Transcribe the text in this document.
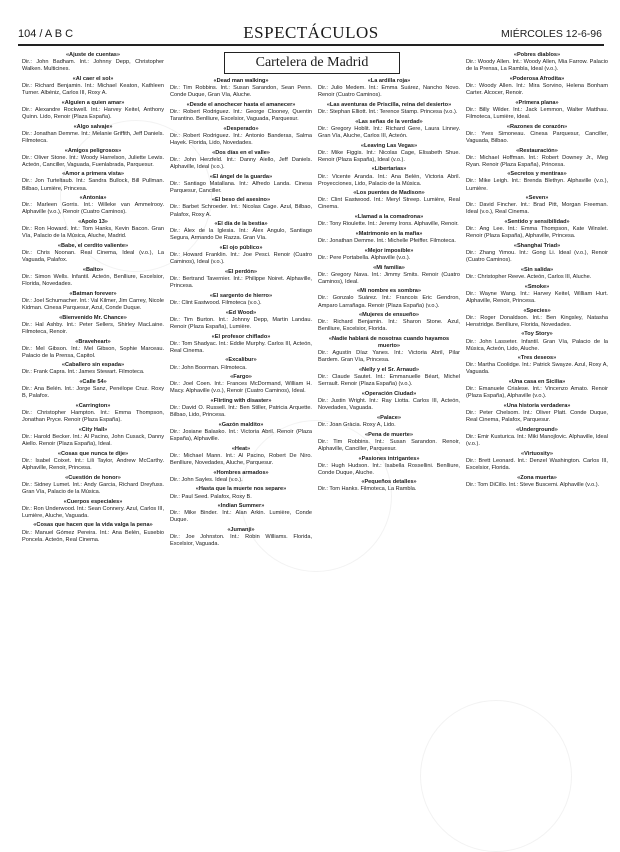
104 / A B C	ESPECTÁCULOS	MIÉRCOLES 12-6-96
Cartelera de Madrid
«Ajuste de cuentas»
Dir.: John Badham. Int.: Johnny Depp, Christopher Walken. Multicines.
«Al caer el sol»
Dir.: Richard Benjamin. Int.: Michael Keaton, Kathleen Turner. Albéniz, Carlos III, Roxy A.
«Alguien a quien amar»
Dir.: Alexandre Rockwell. Int.: Harvey Keitel, Anthony Quinn. Lido, Renoir (Plaza España).
«Algo salvaje»
Dir.: Jonathan Demme. Int.: Melanie Griffith, Jeff Daniels. Filmoteca.
«Amigos peligrosos»
Dir.: Oliver Stone. Int.: Woody Harrelson, Juliette Lewis. Acteón, Canciller, Vaguada, Fuenlabrada, Parquesur.
«Amor a primera vista»
Dir.: Jon Turteltaub. Int.: Sandra Bullock, Bill Pullman. Bilbao, Lumière, Princesa.
«Antonia»
Dir.: Marleen Gorris. Int.: Willeke van Ammelrooy. Alphaville (v.o.), Renoir (Cuatro Caminos).
«Apolo 13»
Dir.: Ron Howard. Int.: Tom Hanks, Kevin Bacon. Gran Vía, Palacio de la Música, Aluche, Madrid.
«Babe, el cerdito valiente»
Dir.: Chris Noonan. Real Cinema, Ideal (v.o.), La Vaguada, Palafox.
«Balto»
Dir.: Simon Wells. Infantil. Acteón, Benlliure, Excelsior, Florida, Novedades.
«Batman forever»
Dir.: Joel Schumacher. Int.: Val Kilmer, Jim Carrey, Nicole Kidman. Cinesa Parquesur, Azul, Conde Duque.
«Bienvenido Mr. Chance»
Dir.: Hal Ashby. Int.: Peter Sellers, Shirley MacLaine. Filmoteca, Renoir.
«Braveheart»
Dir.: Mel Gibson. Int.: Mel Gibson, Sophie Marceau. Palacio de la Prensa, Capitol.
«Caballero sin espada»
Dir.: Frank Capra. Int.: James Stewart. Filmoteca.
«Calle 54»
Dir.: Ana Belén. Int.: Jorge Sanz, Penélope Cruz. Roxy B, Palafox.
«Carrington»
Dir.: Christopher Hampton. Int.: Emma Thompson, Jonathan Pryce. Renoir (Plaza España).
«City Hall»
Dir.: Harold Becker. Int.: Al Pacino, John Cusack, Danny Aiello. Renoir (Plaza España), Ideal.
«Cosas que nunca te dije»
Dir.: Isabel Coixet. Int.: Lili Taylor, Andrew McCarthy. Alphaville, Renoir, Princesa.
«Cuestión de honor»
Dir.: Sidney Lumet. Int.: Andy Garcia, Richard Dreyfuss. Gran Vía, Palacio de la Música.
«Cuerpos especiales»
Dir.: Ron Underwood. Int.: Sean Connery. Azul, Carlos III, Lumière, Aluche, Vaguada.
«Cosas que hacen que la vida valga la pena»
Dir.: Manuel Gómez Pereira. Int.: Ana Belén, Eusebio Poncela. Acteón, Real Cinema.
«Dead man walking»
Dir.: Tim Robbins. Int.: Susan Sarandon, Sean Penn. Conde Duque, Gran Vía, Aluche.
«Desde el anochecer hasta el amanecer»
Dir.: Robert Rodriguez. Int.: George Clooney, Quentin Tarantino. Benlliure, Excelsior, Vaguada, Parquesur.
«Desperado»
Dir.: Robert Rodriguez. Int.: Antonio Banderas, Salma Hayek. Florida, Lido, Novedades.
«Dos días en el valle»
Dir.: John Herzfeld. Int.: Danny Aiello, Jeff Daniels. Alphaville, Ideal (v.o.).
«El ángel de la guarda»
Dir.: Santiago Matallana. Int.: Alfredo Landa. Cinesa Parquesur, Canciller.
«El beso del asesino»
Dir.: Barbet Schroeder. Int.: Nicolas Cage. Azul, Bilbao, Palafox, Roxy A.
«El día de la bestia»
Dir.: Álex de la Iglesia. Int.: Álex Angulo, Santiago Segura, Armando De Razza. Gran Vía.
«El ojo público»
Dir.: Howard Franklin. Int.: Joe Pesci. Renoir (Cuatro Caminos), Ideal (v.o.).
«El perdón»
Dir.: Bertrand Tavernier. Int.: Philippe Noiret. Alphaville, Princesa.
«El sargento de hierro»
Dir.: Clint Eastwood. Filmoteca (v.o.).
«Ed Wood»
Dir.: Tim Burton. Int.: Johnny Depp, Martin Landau. Renoir (Plaza España), Lumière.
«El profesor chiflado»
Dir.: Tom Shadyac. Int.: Eddie Murphy. Carlos III, Acteón, Real Cinema.
«Excalibur»
Dir.: John Boorman. Filmoteca.
«Fargo»
Dir.: Joel Coen. Int.: Frances McDormand, William H. Macy. Alphaville (v.o.), Renoir (Cuatro Caminos), Ideal.
«Flirting with disaster»
Dir.: David O. Russell. Int.: Ben Stiller, Patricia Arquette. Bilbao, Lido, Princesa.
«Gazón maldito»
Dir.: Josiane Balasko. Int.: Victoria Abril. Renoir (Plaza España), Alphaville.
«Heat»
Dir.: Michael Mann. Int.: Al Pacino, Robert De Niro. Benlliure, Novedades, Aluche, Parquesur.
«Hombres armados»
Dir.: John Sayles. Ideal (v.o.).
«Hasta que la muerte nos separe»
Dir.: Paul Seed. Palafox, Roxy B.
«Indian Summer»
Dir.: Mike Binder. Int.: Alan Arkin. Lumière, Conde Duque.
«Jumanji»
Dir.: Joe Johnston. Int.: Robin Williams. Florida, Excelsior, Vaguada.
«La ardilla roja»
Dir.: Julio Medem. Int.: Emma Suárez, Nancho Novo. Renoir (Cuatro Caminos).
«Las aventuras de Priscilla, reina del desierto»
Dir.: Stephan Elliott. Int.: Terence Stamp. Princesa (v.o.).
«Las señas de la verdad»
Dir.: Gregory Hoblit. Int.: Richard Gere, Laura Linney. Gran Vía, Aluche, Carlos III, Acteón.
«Leaving Las Vegas»
Dir.: Mike Figgis. Int.: Nicolas Cage, Elisabeth Shue. Renoir (Plaza España), Ideal (v.o.).
«Libertarias»
Dir.: Vicente Aranda. Int.: Ana Belén, Victoria Abril. Proyecciones, Lido, Palacio de la Música.
«Los puentes de Madison»
Dir.: Clint Eastwood. Int.: Meryl Streep. Lumière, Real Cinema.
«Llamad a la comadrona»
Dir.: Tony Rioulette. Int.: Jeremy Irons. Alphaville, Renoir.
«Matrimonio en la mafia»
Dir.: Jonathan Demme. Int.: Michelle Pfeiffer. Filmoteca.
«Mejor imposible»
Dir.: Pere Portabella. Alphaville (v.o.).
«Mi familia»
Dir.: Gregory Nava. Int.: Jimmy Smits. Renoir (Cuatro Caminos), Ideal.
«Mi nombre es sombra»
Dir.: Gonzalo Suárez. Int.: Francois Eric Gendron, Amparo Larrañaga. Renoir (Plaza España) (v.o.).
«Mujeres de ensueño»
Dir.: Richard Benjamin. Int.: Sharon Stone. Azul, Benlliure, Excelsior, Florida.
«Nadie hablará de nosotras cuando hayamos muerto»
Dir.: Agustín Díaz Yanes. Int.: Victoria Abril, Pilar Bardem. Gran Vía, Princesa.
«Nelly y el Sr. Arnaud»
Dir.: Claude Sautet. Int.: Emmanuelle Béart, Michel Serrault. Renoir (Plaza España) (v.o.).
«Operación Ciudad»
Dir.: Justin Wright. Int.: Ray Liotta. Carlos III, Acteón, Novedades, Vaguada.
«Palace»
Dir.: Joan Gràcia. Roxy A, Lido.
«Pena de muerte»
Dir.: Tim Robbins. Int.: Susan Sarandon. Renoir, Alphaville, Canciller, Parquesur.
«Pasiones intrigantes»
Dir.: Hugh Hudson. Int.: Isabella Rossellini. Benlliure, Conde Duque, Aluche.
«Pequeños detalles»
Dir.: Tom Hanks. Filmoteca, La Rambla.
«Pobres diablos»
Dir.: Woody Allen. Int.: Woody Allen, Mia Farrow. Palacio de la Prensa, La Rambla, Ideal (v.o.).
«Poderosa Afrodita»
Dir.: Woody Allen. Int.: Mira Sorvino, Helena Bonham Carter. Alcocer, Renoir.
«Primera plana»
Dir.: Billy Wilder. Int.: Jack Lemmon, Walter Matthau. Filmoteca, Lumière, Ideal.
«Razones de corazón»
Dir.: Yves Simoneau. Cinesa Parquesur, Canciller, Vaguada, Bilbao.
«Restauración»
Dir.: Michael Hoffman. Int.: Robert Downey Jr., Meg Ryan. Renoir (Plaza España), Princesa.
«Secretos y mentiras»
Dir.: Mike Leigh. Int.: Brenda Blethyn. Alphaville (v.o.), Lumière.
«Seven»
Dir.: David Fincher. Int.: Brad Pitt, Morgan Freeman. Ideal (v.o.), Real Cinema.
«Sentido y sensibilidad»
Dir.: Ang Lee. Int.: Emma Thompson, Kate Winslet. Renoir (Plaza España), Alphaville, Princesa.
«Shanghai Triad»
Dir.: Zhang Yimou. Int.: Gong Li. Ideal (v.o.), Renoir (Cuatro Caminos).
«Sin salida»
Dir.: Christopher Reeve. Acteón, Carlos III, Aluche.
«Smoke»
Dir.: Wayne Wang. Int.: Harvey Keitel, William Hurt. Alphaville, Renoir, Princesa.
«Species»
Dir.: Roger Donaldson. Int.: Ben Kingsley, Natasha Henstridge. Benlliure, Florida, Novedades.
«Toy Story»
Dir.: John Lasseter. Infantil. Gran Vía, Palacio de la Música, Acteón, Lido, Aluche.
«Tres deseos»
Dir.: Martha Coolidge. Int.: Patrick Swayze. Azul, Roxy A, Vaguada.
«Una casa en Sicilia»
Dir.: Emanuele Crialese. Int.: Vincenzo Amato. Renoir (Plaza España), Alphaville (v.o.).
«Una historia verdadera»
Dir.: Peter Chelsom. Int.: Oliver Platt. Conde Duque, Real Cinema, Palafox, Parquesur.
«Underground»
Dir.: Emir Kusturica. Int.: Miki Manojlovic. Alphaville, Ideal (v.o.).
«Virtuosity»
Dir.: Brett Leonard. Int.: Denzel Washington. Carlos III, Excelsior, Florida.
«Zona muerta»
Dir.: Tom DiCillo. Int.: Steve Buscemi. Alphaville (v.o.).
